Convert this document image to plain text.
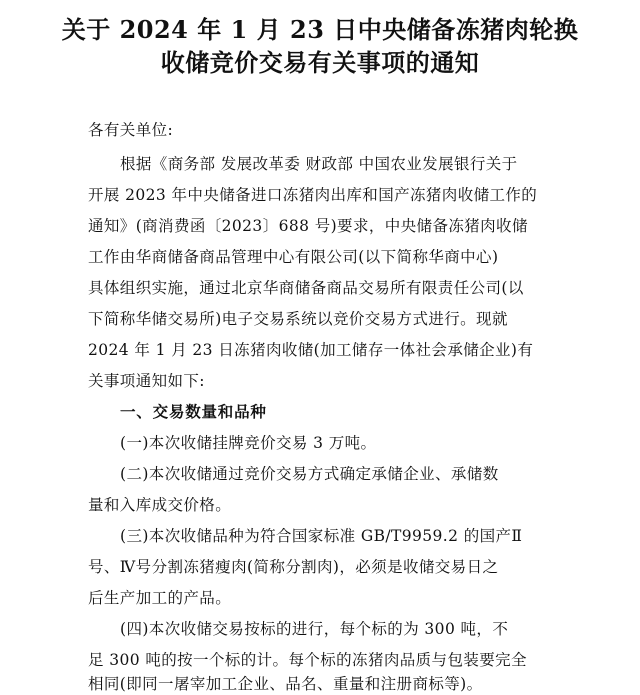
关于 2024 年 1 月 23 日中央储备冻猪肉轮换
收储竞价交易有关事项的通知
各有关单位:
根据《商务部 发展改革委 财政部 中国农业发展银行关于
开展 2023 年中央储备进口冻猪肉出库和国产冻猪肉收储工作的
通知》(商消费函〔2023〕688 号)要求，中央储备冻猪肉收储
工作由华商储备商品管理中心有限公司(以下简称华商中心)
具体组织实施，通过北京华商储备商品交易所有限责任公司(以
下简称华储交易所)电子交易系统以竞价交易方式进行。现就
2024 年 1 月 23 日冻猪肉收储(加工储存一体社会承储企业)有
关事项通知如下:
一、交易数量和品种
(一)本次收储挂牌竞价交易 3 万吨。
(二)本次收储通过竞价交易方式确定承储企业、承储数
量和入库成交价格。
(三)本次收储品种为符合国家标准 GB/T9959.2 的国产Ⅱ
号、Ⅳ号分割冻猪瘦肉(简称分割肉)，必须是收储交易日之
后生产加工的产品。
(四)本次收储交易按标的进行，每个标的为 300 吨，不
足 300 吨的按一个标的计。每个标的冻猪肉品质与包装要完全
相同(即同一屠宰加工企业、品名、重量和注册商标等)。
